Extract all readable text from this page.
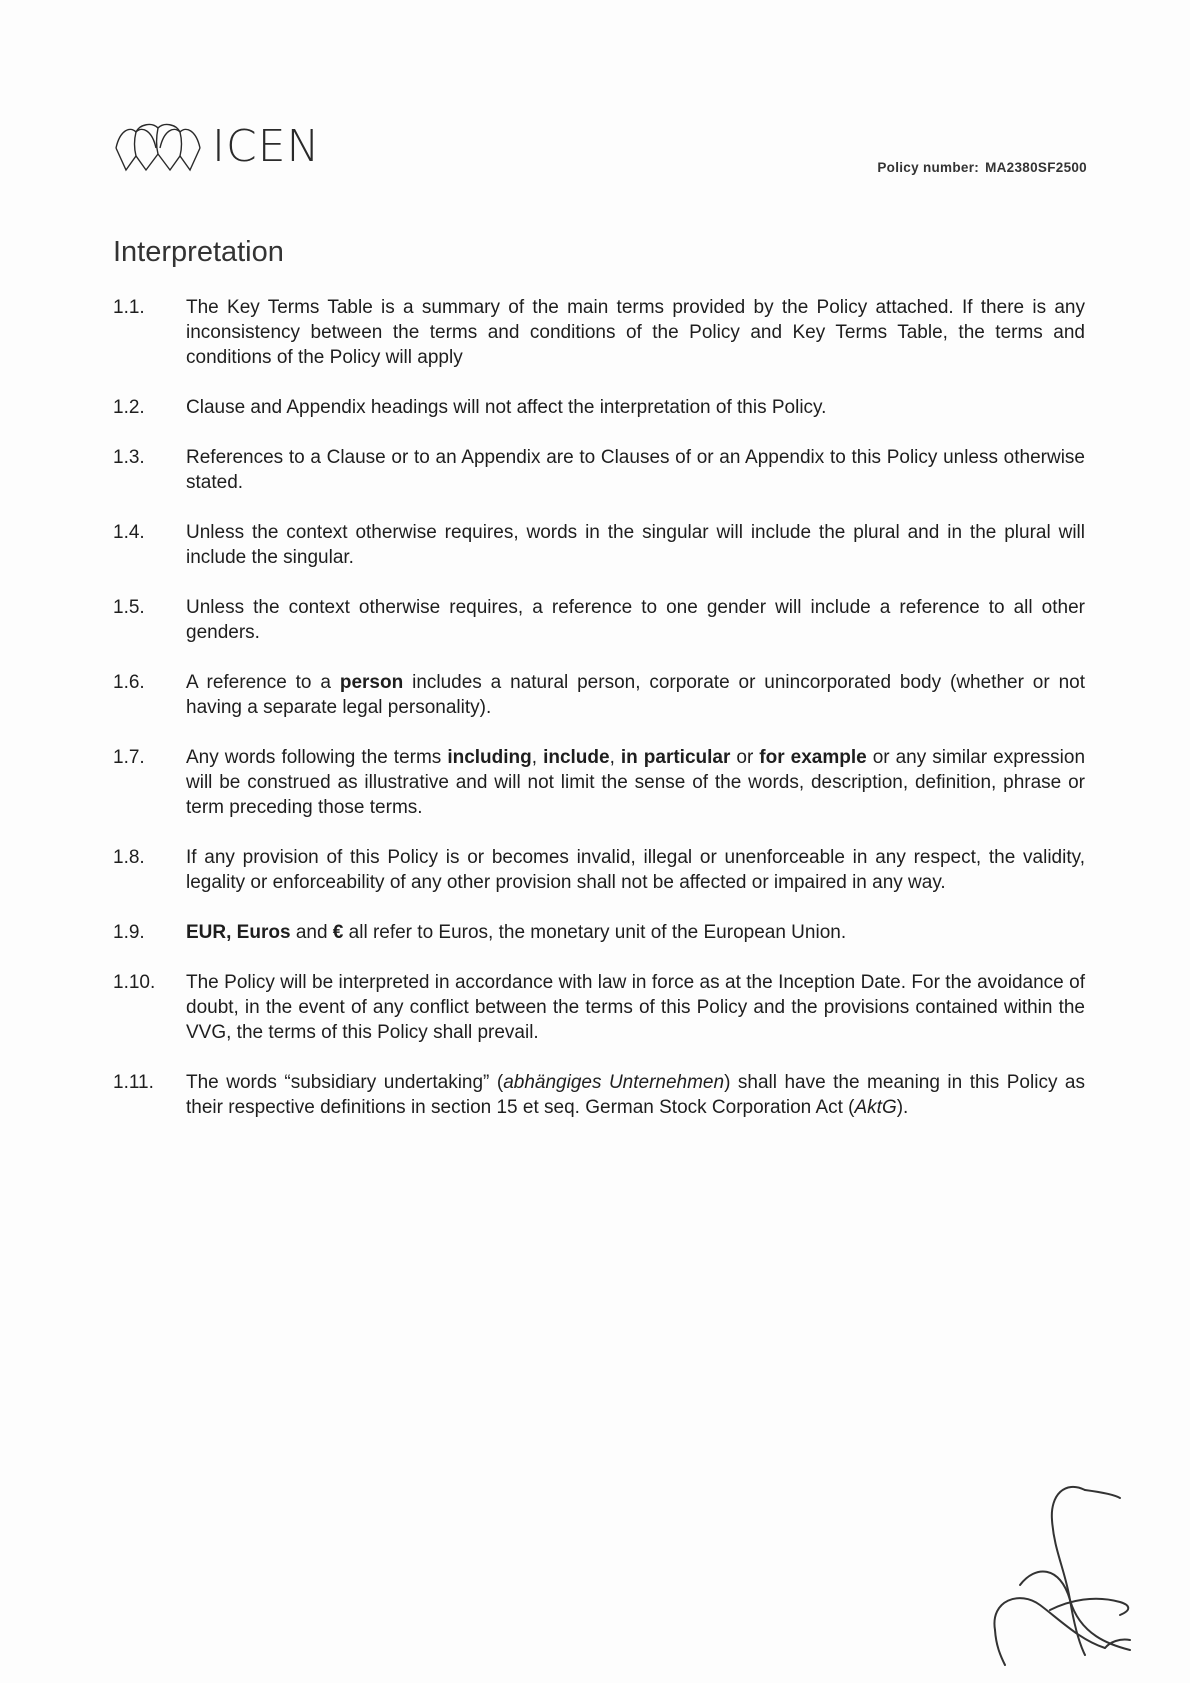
ICEN	Policy number: MA2380SF2500
Interpretation
1.1.	The Key Terms Table is a summary of the main terms provided by the Policy attached. If there is any inconsistency between the terms and conditions of the Policy and Key Terms Table, the terms and conditions of the Policy will apply
1.2.	Clause and Appendix headings will not affect the interpretation of this Policy.
1.3.	References to a Clause or to an Appendix are to Clauses of or an Appendix to this Policy unless otherwise stated.
1.4.	Unless the context otherwise requires, words in the singular will include the plural and in the plural will include the singular.
1.5.	Unless the context otherwise requires, a reference to one gender will include a reference to all other genders.
1.6.	A reference to a person includes a natural person, corporate or unincorporated body (whether or not having a separate legal personality).
1.7.	Any words following the terms including, include, in particular or for example or any similar expression will be construed as illustrative and will not limit the sense of the words, description, definition, phrase or term preceding those terms.
1.8.	If any provision of this Policy is or becomes invalid, illegal or unenforceable in any respect, the validity, legality or enforceability of any other provision shall not be affected or impaired in any way.
1.9.	EUR, Euros and € all refer to Euros, the monetary unit of the European Union.
1.10.	The Policy will be interpreted in accordance with law in force as at the Inception Date. For the avoidance of doubt, in the event of any conflict between the terms of this Policy and the provisions contained within the VVG, the terms of this Policy shall prevail.
1.11.	The words “subsidiary undertaking” (abhängiges Unternehmen) shall have the meaning in this Policy as their respective definitions in section 15 et seq. German Stock Corporation Act (AktG).
